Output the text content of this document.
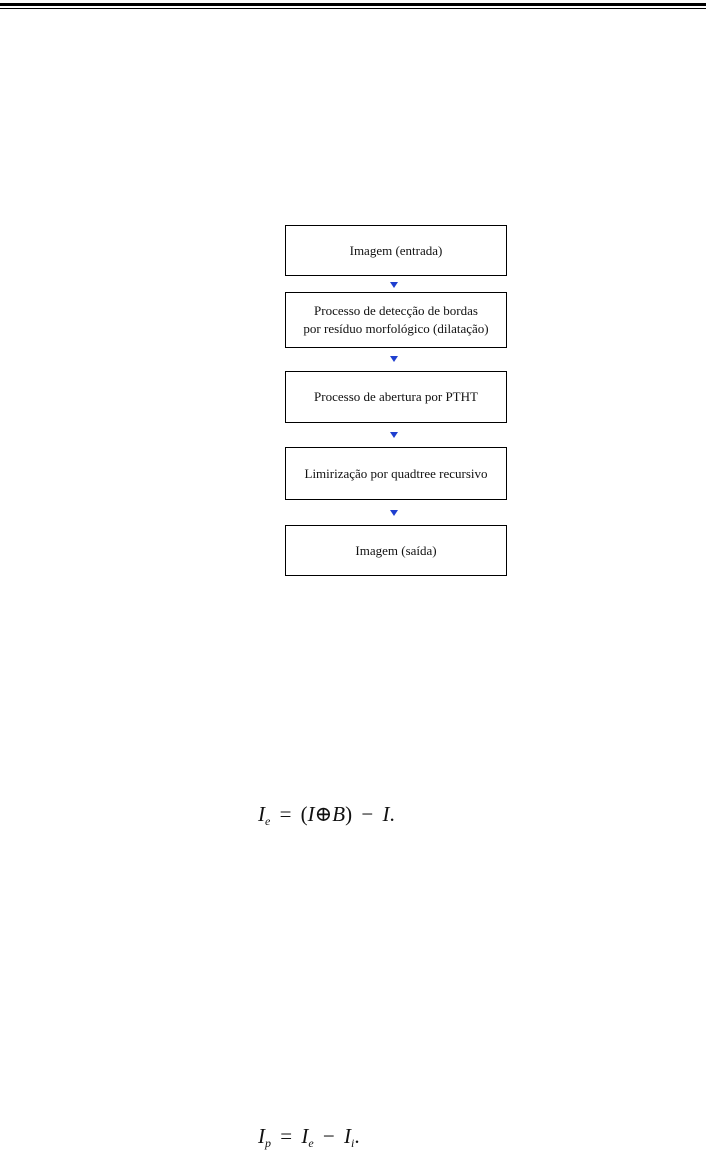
Imagem (entrada)
Processo de detecção de bordas
por resíduo morfológico (dilatação)
Processo de abertura por PTHT
Limirização por quadtree recursivo
Imagem (saída)
$I_e$ = (I⊕B) − I.
$I_p = I_e - I_i$.
